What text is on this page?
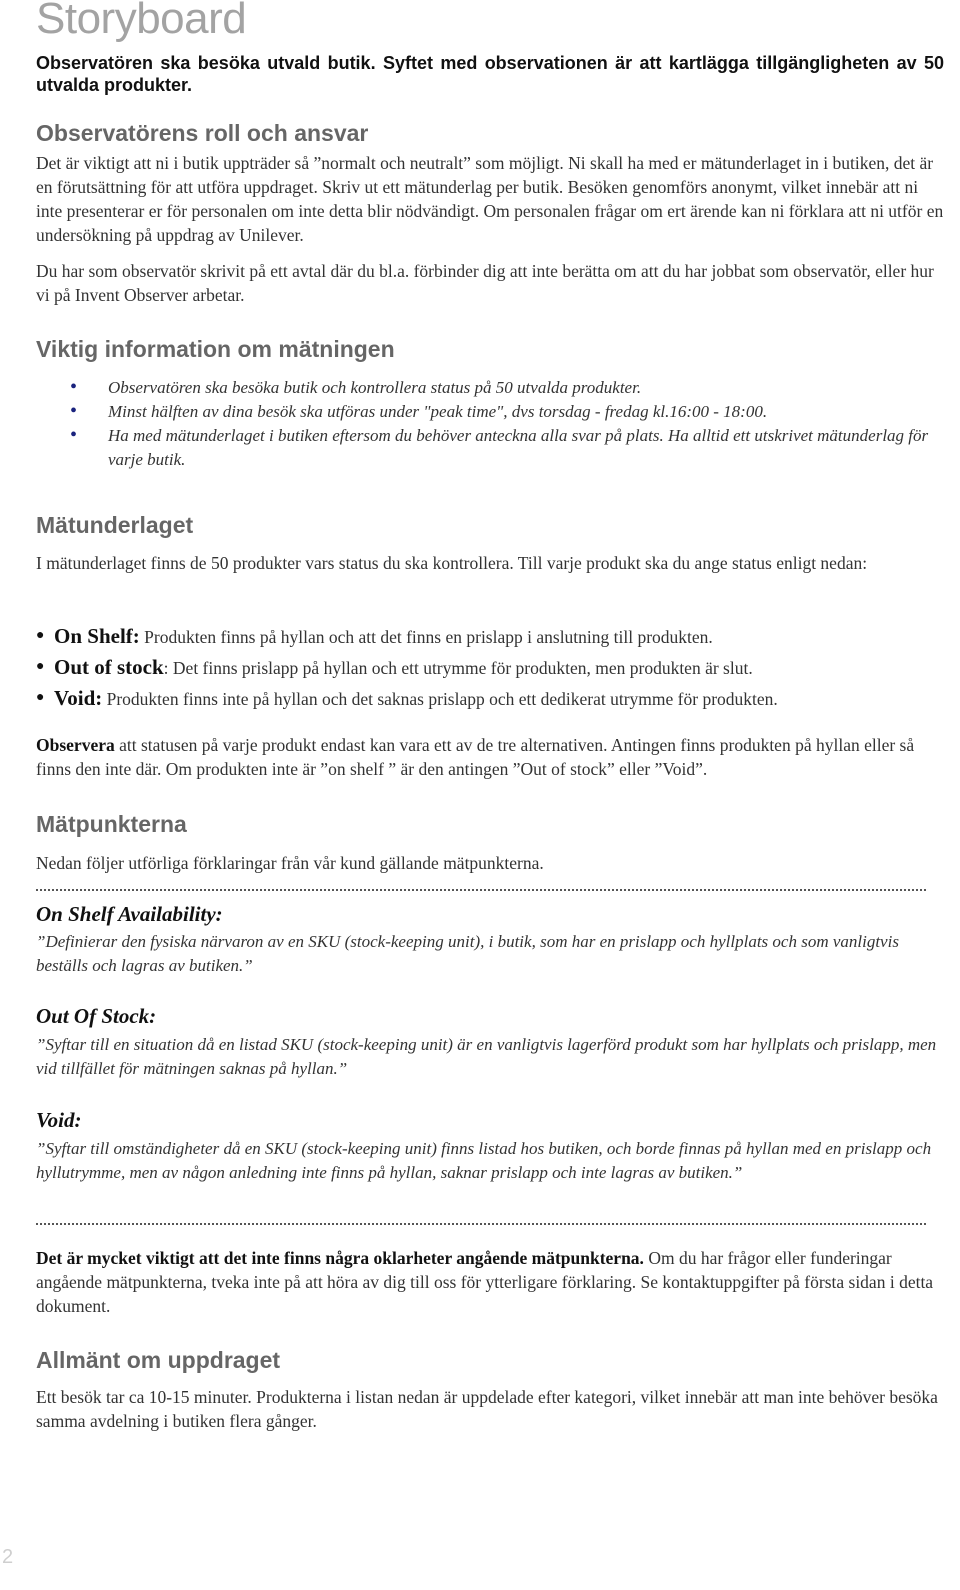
Storyboard

Observatören ska besöka utvald butik. Syftet med observationen är att kartlägga tillgängligheten av 50 utvalda produkter.

Observatörens roll och ansvar

Det är viktigt att ni i butik uppträder så ”normalt och neutralt” som möjligt. Ni skall ha med er mätunderlaget in i butiken, det är en förutsättning för att utföra uppdraget. Skriv ut ett mätunderlag per butik. Besöken genomförs anonymt, vilket innebär att ni inte presenterar er för personalen om inte detta blir nödvändigt. Om personalen frågar om ert ärende kan ni förklara att ni utför en undersökning på uppdrag av Unilever.

Du har som observatör skrivit på ett avtal där du bl.a. förbinder dig att inte berätta om att du har jobbat som observatör, eller hur vi på Invent Observer arbetar.

Viktig information om mätningen
• Observatören ska besöka butik och kontrollera status på 50 utvalda produkter.

• Minst hälften av dina besök ska utföras under "peak time", dvs torsdag - fredag kl.16:00 - 18:00.

• Ha med mätunderlaget i butiken eftersom du behöver anteckna alla svar på plats. Ha alltid ett utskrivet mätunderlag för varje butik.

Mätunderlaget

I mätunderlaget finns de 50 produkter vars status du ska kontrollera. Till varje produkt ska du ange status enligt nedan:

● On Shelf: Produkten finns på hyllan och att det finns en prislapp i anslutning till produkten.
● Out of stock: Det finns prislapp på hyllan och ett utrymme för produkten, men produkten är slut.
● Void: Produkten finns inte på hyllan och det saknas prislapp och ett dedikerat utrymme för produkten.

Observera att statusen på varje produkt endast kan vara ett av de tre alternativen. Antingen finns produkten på hyllan eller så finns den inte där. Om produkten inte är ”on shelf ” är den antingen ”Out of stock” eller ”Void”.

Mätpunkterna

Nedan följer utförliga förklaringar från vår kund gällande mätpunkterna.

On Shelf Availability:

”Definierar den fysiska närvaron av en SKU (stock-keeping unit), i butik, som har en prislapp och hyllplats och som vanligtvis beställs och lagras av butiken.”

Out Of Stock:

”Syftar till en situation då en listad SKU (stock-keeping unit) är en vanligtvis lagerförd produkt som har hyllplats och prislapp, men vid tillfället för mätningen saknas på hyllan.”

Void:

”Syftar till omständigheter då en SKU (stock-keeping unit) finns listad hos butiken, och borde finnas på hyllan med en prislapp och hyllutrymme, men av någon anledning inte finns på hyllan, saknar prislapp och inte lagras av butiken.”

Det är mycket viktigt att det inte finns några oklarheter angående mätpunkterna. Om du har frågor eller funderingar angående mätpunkterna, tveka inte på att höra av dig till oss för ytterligare förklaring. Se kontaktuppgifter på första sidan i detta dokument.

Allmänt om uppdraget

Ett besök tar ca 10-15 minuter. Produkterna i listan nedan är uppdelade efter kategori, vilket innebär att man inte behöver besöka samma avdelning i butiken flera gånger.

2
